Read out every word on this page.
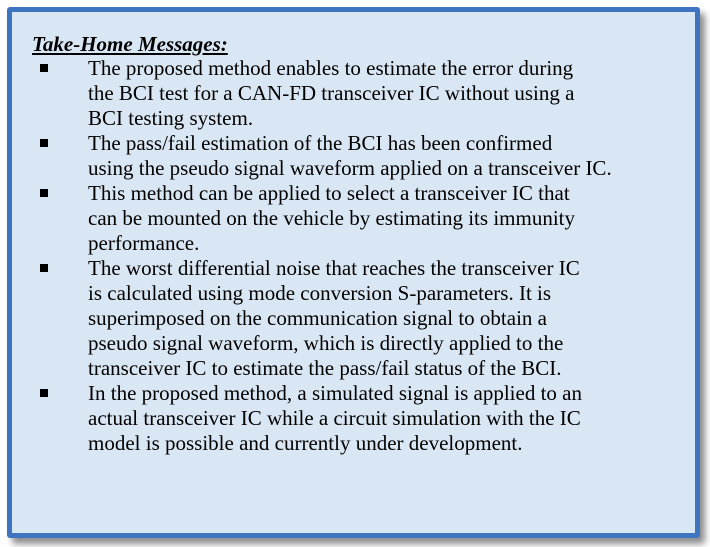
Take-Home Messages:
The proposed method enables to estimate the error during
the BCI test for a CAN-FD transceiver IC without using a
BCI testing system.
The pass/fail estimation of the BCI has been confirmed
using the pseudo signal waveform applied on a transceiver IC.
This method can be applied to select a transceiver IC that
can be mounted on the vehicle by estimating its immunity
performance.
The worst differential noise that reaches the transceiver IC
is calculated using mode conversion S-parameters. It is
superimposed on the communication signal to obtain a
pseudo signal waveform, which is directly applied to the
transceiver IC to estimate the pass/fail status of the BCI.
In the proposed method, a simulated signal is applied to an
actual transceiver IC while a circuit simulation with the IC
model is possible and currently under development.
